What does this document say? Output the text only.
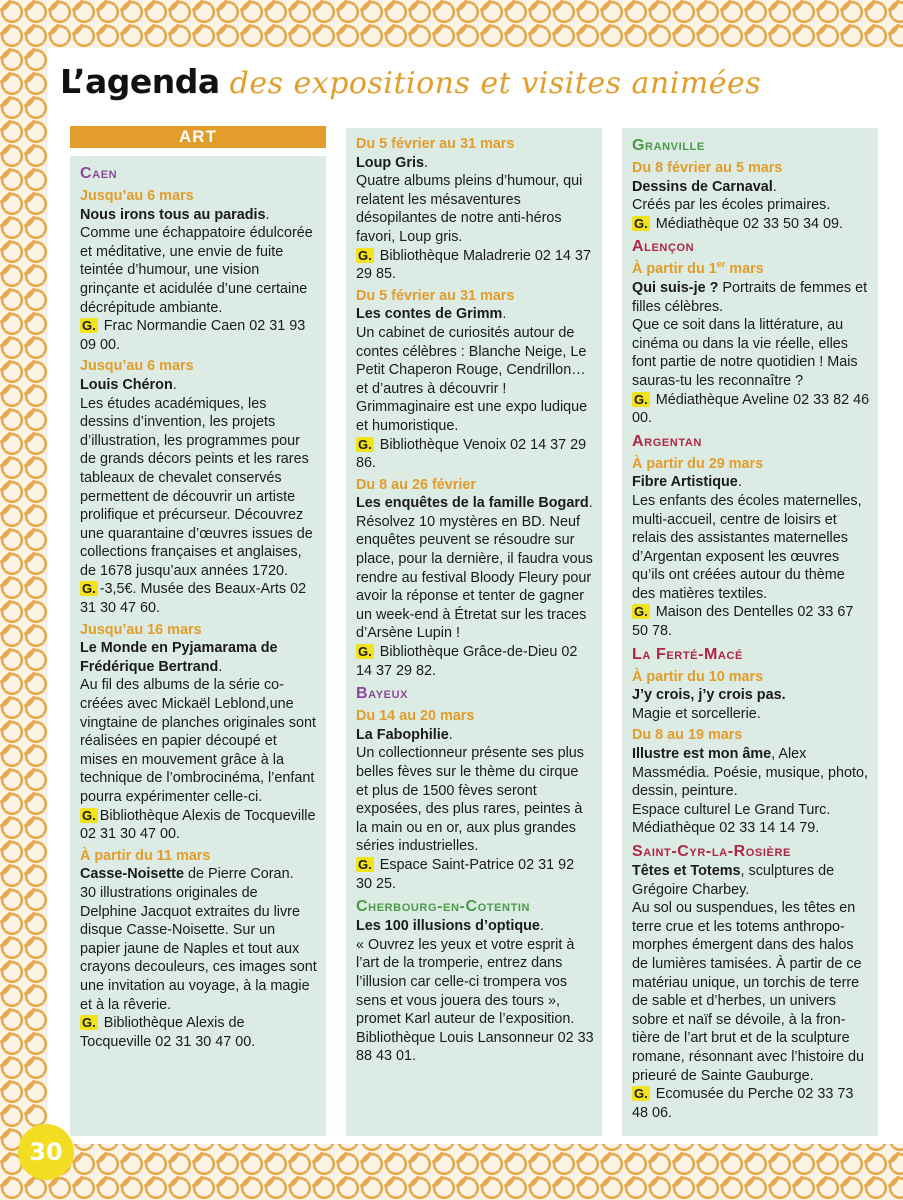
L’agenda des expositions et visites animées
ART
Caen
Jusqu’au 6 mars

Nous irons tous au paradis.

Comme une échappatoire édulcorée et méditative, une envie de fuite teintée d’humour, une vision grinçante et acidulée d’une certaine décrépitude ambiante.

G. Frac Normandie Caen 02 31 93 09 00.

Jusqu’au 6 mars

Louis Chéron.

Les études académiques, les dessins d’invention, les projets d’illustration, les programmes pour de grands décors peints et les rares tableaux de chevalet conservés permettent de découvrir un artiste prolifique et précurseur. Découvrez une quarantaine d’œuvres issues de collections françaises et anglaises, de 1678 jusqu’aux années 1720.

G. -3,5€. Musée des Beaux-Arts 02 31 30 47 60.

Jusqu’au 16 mars

Le Monde en Pyjamarama de Frédérique Bertrand.

Au fil des albums de la série co-créées avec Mickaël Leblond,une vingtaine de planches originales sont réalisées en papier découpé et mises en mouvement grâce à la technique de l’ombrocinéma, l’enfant pourra expérimenter celle-ci.

G. Bibliothèque Alexis de Tocqueville 02 31 30 47 00.

À partir du 11 mars

Casse-Noisette de Pierre Coran.

30 illustrations originales de Delphine Jacquot extraites du livre disque Casse-Noisette. Sur un papier jaune de Naples et tout aux crayons decouleurs, ces images sont une invitation au voyage, à la magie et à la rêverie.

G. Bibliothèque Alexis de Tocqueville 02 31 30 47 00.

Du 5 février au 31 mars

Loup Gris.

Quatre albums pleins d’humour, qui relatent les mésaventures désopilantes de notre anti-héros favori, Loup gris.

G. Bibliothèque Maladrerie 02 14 37 29 85.

Du 5 février au 31 mars

Les contes de Grimm.

Un cabinet de curiosités autour de contes célèbres : Blanche Neige, Le Petit Chaperon Rouge, Cendrillon…et d’autres à découvrir ! Grimmaginaire est une expo ludique et humoristique.

G. Bibliothèque Venoix 02 14 37 29 86.

Du 8 au 26 février

Les enquêtes de la famille Bogard.

Résolvez 10 mystères en BD. Neuf enquêtes peuvent se résoudre sur place, pour la dernière, il faudra vous rendre au festival Bloody Fleury pour avoir la réponse et tenter de gagner un week-end à Étretat sur les traces d’Arsène Lupin !

G. Bibliothèque Grâce-de-Dieu 02 14 37 29 82.

Bayeux
Du 14 au 20 mars

La Fabophilie.

Un collectionneur présente ses plus belles fèves sur le thème du cirque et plus de 1500 fèves seront exposées, des plus rares, peintes à la main ou en or, aux plus grandes séries industrielles.

G. Espace Saint-Patrice 02 31 92 30 25.

Cherbourg-en-Cotentin

Les 100 illusions d’optique.

« Ouvrez les yeux et votre esprit à l’art de la tromperie, entrez dans l’illusion car celle-ci trompera vos sens et vous jouera des tours », promet Karl auteur de l’exposition. Bibliothèque Louis Lansonneur 02 33 88 43 01.

Granville
Du 8 février au 5 mars

Dessins de Carnaval.

Créés par les écoles primaires.

G. Médiathèque 02 33 50 34 09.

Alençon
À partir du 1er mars

Qui suis-je ? Portraits de femmes et filles célèbres.

Que ce soit dans la littérature, au cinéma ou dans la vie réelle, elles font partie de notre quotidien ! Mais sauras-tu les reconnaître ?

G. Médiathèque Aveline 02 33 82 46 00.

Argentan
À partir du 29 mars

Fibre Artistique.

Les enfants des écoles maternelles, multi-accueil, centre de loisirs et relais des assistantes maternelles d’Argentan exposent les œuvres qu’ils ont créées autour du thème des matières textiles.

G. Maison des Dentelles 02 33 67 50 78.

La Ferté-Macé
À partir du 10 mars

J’y crois, j’y crois pas.

Magie et sorcellerie.

Du 8 au 19 mars

Illustre est mon âme, Alex Massmédia. Poésie, musique, photo, dessin, peinture.

Espace culturel Le Grand Turc. Médiathèque 02 33 14 14 79.

Saint-Cyr-la-Rosière

Têtes et Totems, sculptures de Grégoire Charbey.

Au sol ou suspendues, les têtes en terre crue et les totems anthropo-morphes émergent dans des halos de lumières tamisées. À partir de ce matériau unique, un torchis de terre de sable et d’herbes, un univers sobre et naïf se dévoile, à la fron-tière de l’art brut et de la sculpture romane, résonnant avec l’histoire du prieuré de Sainte Gauburge.

G. Ecomusée du Perche 02 33 73 48 06.

30
